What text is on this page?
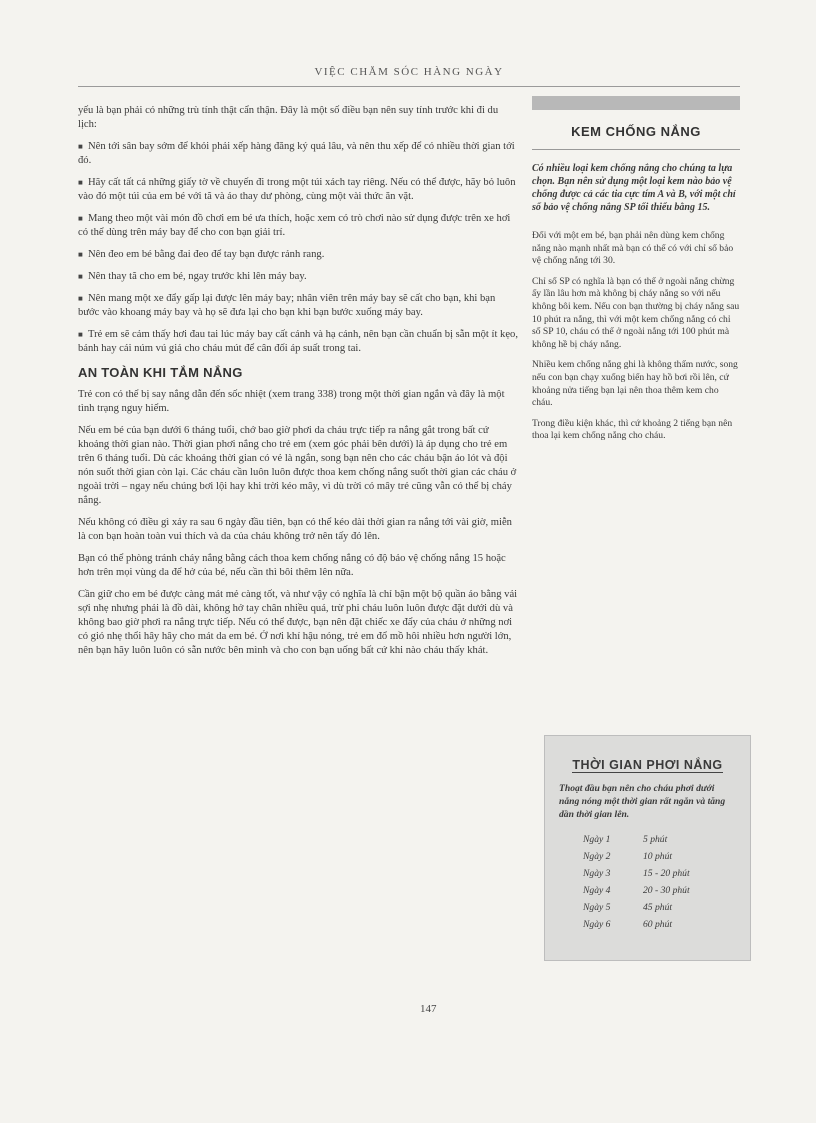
VIỆC CHĂM SÓC HÀNG NGÀY

yếu là bạn phải có những trù tính thật cẩn thận. Đây là một số điều bạn nên suy tính trước khi đi du lịch:

■ Nên tới sân bay sớm để khỏi phải xếp hàng đăng ký quá lâu, và nên thu xếp để có nhiều thời gian tới đó.

■ Hãy cất tất cả những giấy tờ về chuyến đi trong một túi xách tay riêng. Nếu có thể được, hãy bỏ luôn vào đó một túi của em bé với tã và áo thay dư phòng, cùng một vài thức ăn vặt.

■ Mang theo một vài món đồ chơi em bé ưa thích, hoặc xem có trò chơi nào sử dụng được trên xe hơi có thể dùng trên máy bay để cho con bạn giải trí.

■ Nên đeo em bé bằng đai đeo để tay bạn được rảnh rang.

■ Nên thay tã cho em bé, ngay trước khi lên máy bay.

■ Nên mang một xe đẩy gấp lại được lên máy bay; nhân viên trên máy bay sẽ cất cho bạn, khi bạn bước vào khoang máy bay và họ sẽ đưa lại cho bạn khi bạn bước xuống máy bay.

■ Trẻ em sẽ cảm thấy hơi đau tai lúc máy bay cất cánh và hạ cánh, nên bạn cần chuẩn bị sẵn một ít kẹo, bánh hay cái núm vú giả cho cháu mút để cân đối áp suất trong tai.

AN TOÀN KHI TẮM NẮNG

Trẻ con có thể bị say nắng dẫn đến sốc nhiệt (xem trang 338) trong một thời gian ngắn và đây là một tình trạng nguy hiểm.

Nếu em bé của bạn dưới 6 tháng tuổi, chớ bao giờ phơi da cháu trực tiếp ra nắng gắt trong bất cứ khoảng thời gian nào. Thời gian phơi nắng cho trẻ em (xem góc phải bên dưới) là áp dụng cho trẻ em trên 6 tháng tuổi. Dù các khoảng thời gian có vẻ là ngắn, song bạn nên cho các cháu bận áo lót và đội nón suốt thời gian còn lại. Các cháu cần luôn luôn được thoa kem chống nắng suốt thời gian các cháu ở ngoài trời – ngay nếu chúng bơi lội hay khi trời kéo mây, vì dù trời có mây trẻ cũng vẫn có thể bị cháy nắng.

Nếu không có điều gì xảy ra sau 6 ngày đầu tiên, bạn có thể kéo dài thời gian ra nắng tới vài giờ, miễn là con bạn hoàn toàn vui thích và da của cháu không trở nên tấy đỏ lên.

Bạn có thể phòng tránh cháy nắng bằng cách thoa kem chống nắng có độ bảo vệ chống nắng 15 hoặc hơn trên mọi vùng da để hở của bé, nếu cần thì bôi thêm lên nữa.

Cần giữ cho em bé được càng mát mẻ càng tốt, và như vậy có nghĩa là chỉ bận một bộ quần áo bằng vải sợi nhẹ nhưng phải là đồ dài, không hở tay chân nhiều quá, trừ phi cháu luôn luôn được đặt dưới dù và không bao giờ phơi ra nắng trực tiếp. Nếu có thể được, bạn nên đặt chiếc xe đẩy của cháu ở những nơi có gió nhẹ thổi hây hây cho mát da em bé. Ở nơi khí hậu nóng, trẻ em đổ mồ hôi nhiều hơn người lớn, nên bạn hãy luôn luôn có sẵn nước bên mình và cho con bạn uống bất cứ khi nào cháu thấy khát.

KEM CHỐNG NẮNG

Có nhiều loại kem chống nắng cho chúng ta lựa chọn. Bạn nên sử dụng một loại kem nào bảo vệ chống được cả các tia cực tím A và B, với một chỉ số bảo vệ chống nắng SP tối thiểu bằng 15.

Đối với một em bé, bạn phải nên dùng kem chống nắng nào mạnh nhất mà bạn có thể có với chỉ số bảo vệ chống nắng tới 30.

Chỉ số SP có nghĩa là bạn có thể ở ngoài nắng chừng ấy lần lâu hơn mà không bị cháy nắng so với nếu không bôi kem. Nếu con bạn thường bị cháy nắng sau 10 phút ra nắng, thì với một kem chống nắng có chỉ số SP 10, cháu có thể ở ngoài nắng tới 100 phút mà không hề bị cháy nắng.

Nhiều kem chống nắng ghi là không thấm nước, song nếu con bạn chạy xuống biển hay hồ bơi rồi lên, cứ khoảng nửa tiếng bạn lại nên thoa thêm kem cho cháu.

Trong điều kiện khác, thì cứ khoảng 2 tiếng bạn nên thoa lại kem chống nắng cho cháu.

THỜI GIAN PHƠI NẮNG

Thoạt đầu bạn nên cho cháu phơi dưới nắng nóng một thời gian rất ngắn và tăng dần thời gian lên.

Ngày 1	5 phút
Ngày 2	10 phút
Ngày 3	15 - 20 phút
Ngày 4	20 - 30 phút
Ngày 5	45 phút
Ngày 6	60 phút
147
